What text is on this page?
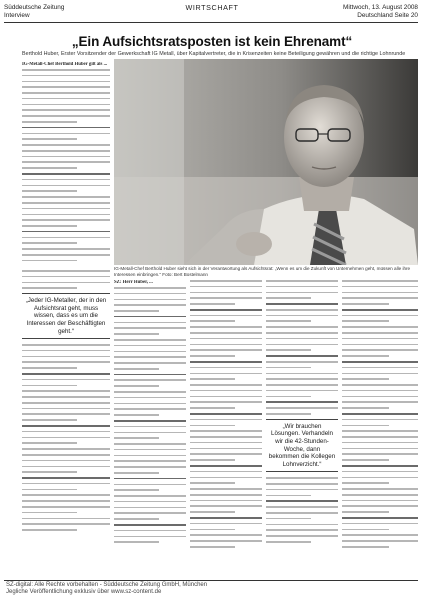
Süddeutsche Zeitung
Interview
WIRTSCHAFT	Mittwoch, 13. August 2008
Deutschland Seite 20
„Ein Aufsichtsratsposten ist kein Ehrenamt“
Berthold Huber, Erster Vorsitzender der Gewerkschaft IG Metall, über Kapitalvertreter, die in Krisenzeiten keine Beteiligung gewähren und die richtige Lohnrunde

IG-Metall-Chef Berthold Huber gilt als ...

IG-Metall-Chef Berthold Huber sieht sich in der Verantwortung als Aufsichtsrat: „Wenn es um die Zukunft von Unternehmen geht, müssen alle ihre Interessen einbringen.“ Foto: Bert Bostelmann
„Jeder IG-Metaller, der in den Aufsichtsrat geht, muss wissen, dass es um die Interessen der Beschäftigten geht.“

SZ: Herr Huber, ...

„Wir brauchen Lösungen. Verhandeln wir die 42-Stunden-Woche, dann bekommen die Kollegen Lohnverzicht.“
SZ-digital: Alle Rechte vorbehalten - Süddeutsche Zeitung GmbH, München
Jegliche Veröffentlichung exklusiv über www.sz-content.de
